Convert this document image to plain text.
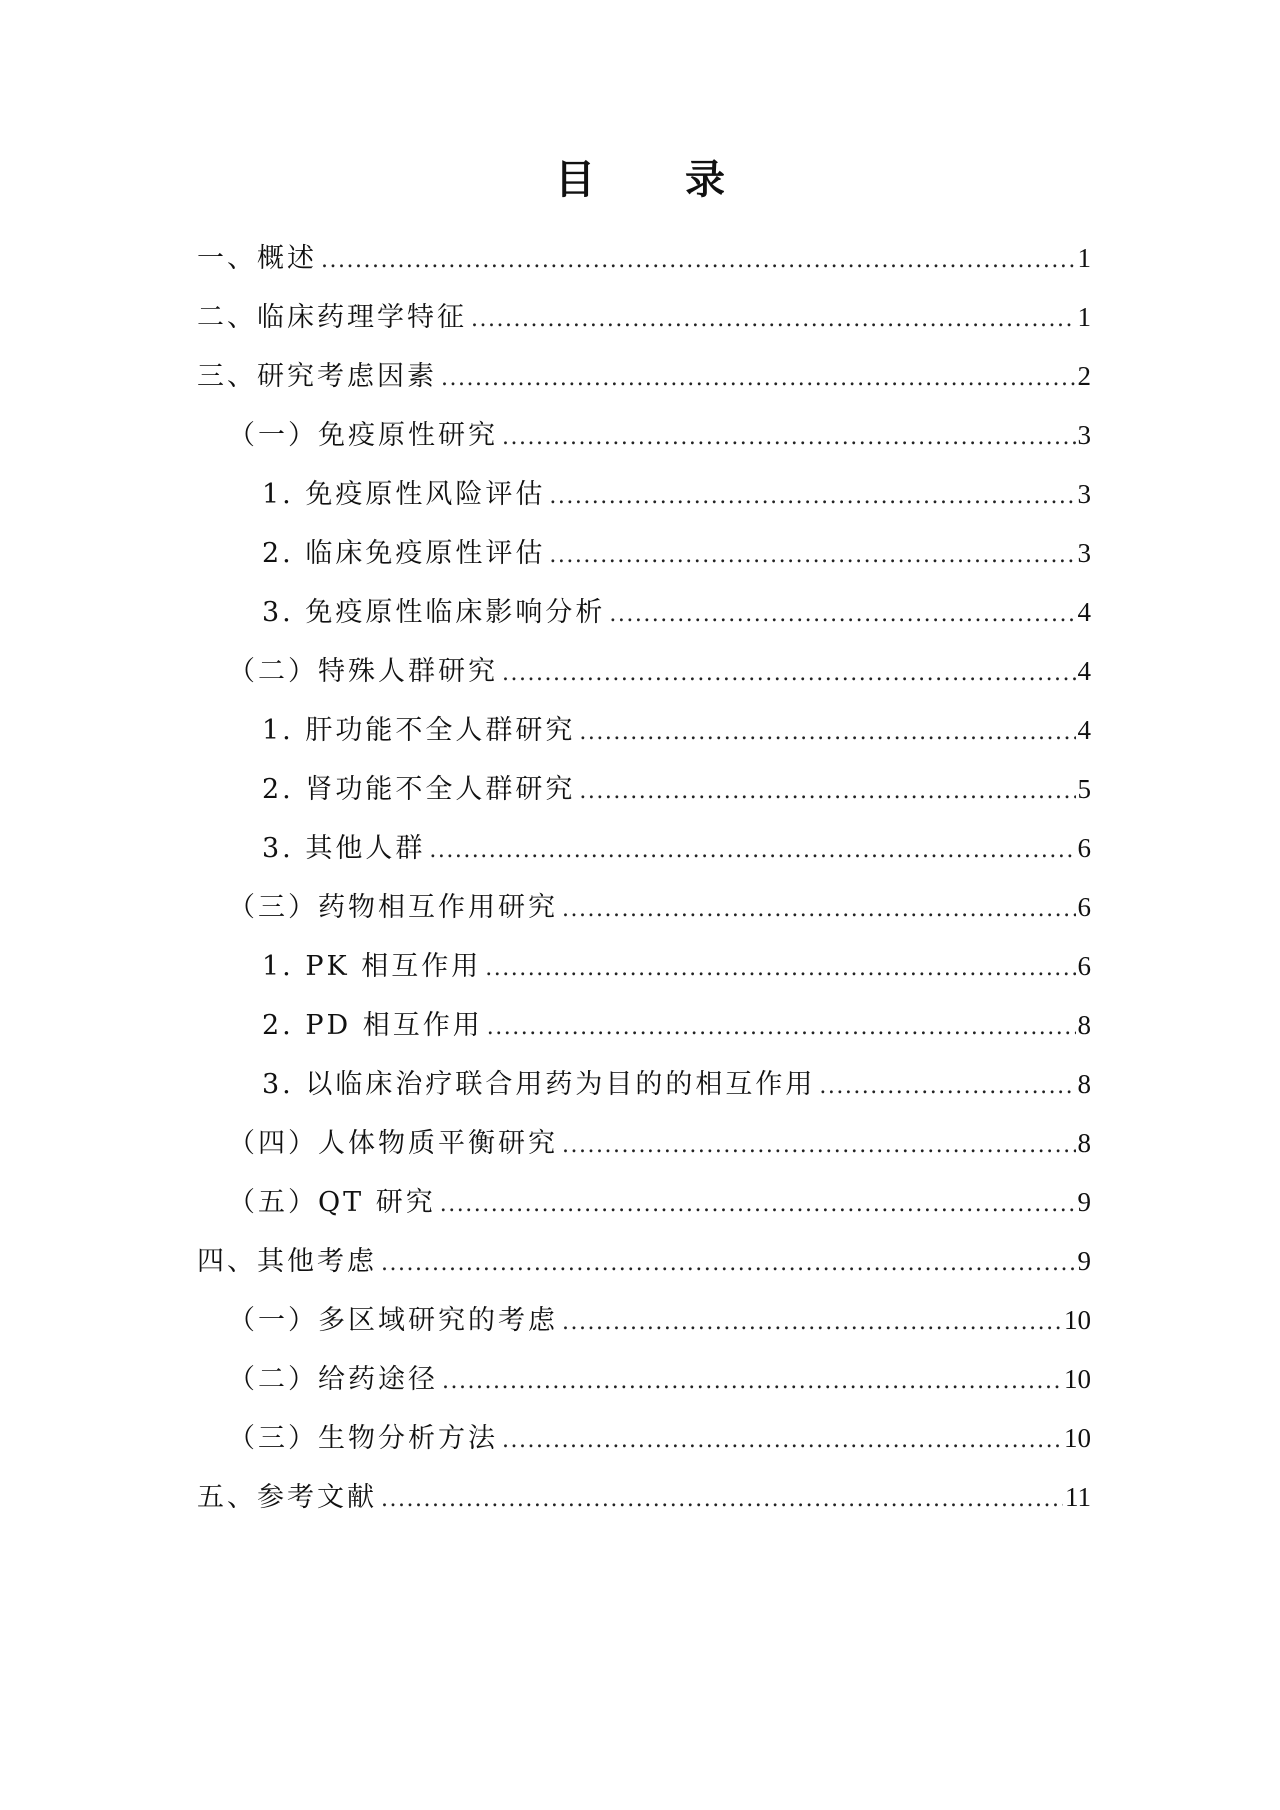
目 录
一、概述 .....	1
二、临床药理学特征 .....	1
三、研究考虑因素 .....	2
（一）免疫原性研究 .....	3
1. 免疫原性风险评估 .....	3
2. 临床免疫原性评估 .....	3
3. 免疫原性临床影响分析 .....	4
（二）特殊人群研究 .....	4
1. 肝功能不全人群研究 .....	4
2. 肾功能不全人群研究 .....	5
3. 其他人群 .....	6
（三）药物相互作用研究 .....	6
1. PK 相互作用 .....	6
2. PD 相互作用 .....	8
3. 以临床治疗联合用药为目的的相互作用 .....	8
（四）人体物质平衡研究 .....	8
（五）QT 研究 .....	9
四、其他考虑 .....	9
（一）多区域研究的考虑 .....	10
（二）给药途径 .....	10
（三）生物分析方法 .....	10
五、参考文献 .....	11
